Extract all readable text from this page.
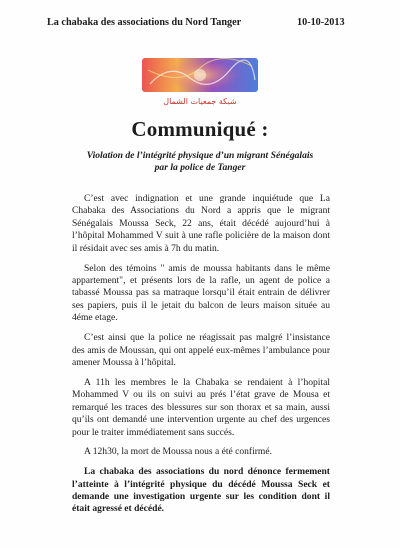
La chabaka des associations du Nord Tanger	10-10-2013
شبكة جمعيات الشمال
Communiqué :
Violation de l’intégrité physique d’un migrant Sénégalais par la police de Tanger

C’est avec indignation et une grande inquiétude que La Chabaka des Associations du Nord a appris que le migrant Sénégalais Moussa Seck, 22 ans, était décédé aujourd’hui à l’hôpital Mohammed V suit à une rafle policière de la maison dont il résidait avec ses amis à 7h du matin.

Selon des témoins " amis de moussa habitants dans le même appartement", et présents lors de la rafle, un agent de police a tabassé Moussa pas sa matraque lorsqu’il était entrain de délivrer ses papiers, puis il le jetait du balcon de leurs maison située au 4éme etage.

C’est ainsi que la police ne réagissait pas malgré l’insistance des amis de Moussan, qui ont appelé eux-mêmes l’ambulance pour amener Moussa à l’hôpital.

A 11h les membres le la Chabaka se rendaient à l’hopital Mohammed V ou ils on suivi au prés l’état grave de Mousa et remarqué les traces des blessures sur son thorax et sa main, aussi qu’ils ont demandé une intervention urgente au chef des urgences pour le traiter immédiatement sans succés.

A 12h30, la mort de Moussa nous a été confirmé.

La chabaka des associations du nord dénonce fermement l’atteinte à l’intégrité physique du décédé Moussa Seck et demande une investigation urgente sur les condition dont il était agressé et décédé.
